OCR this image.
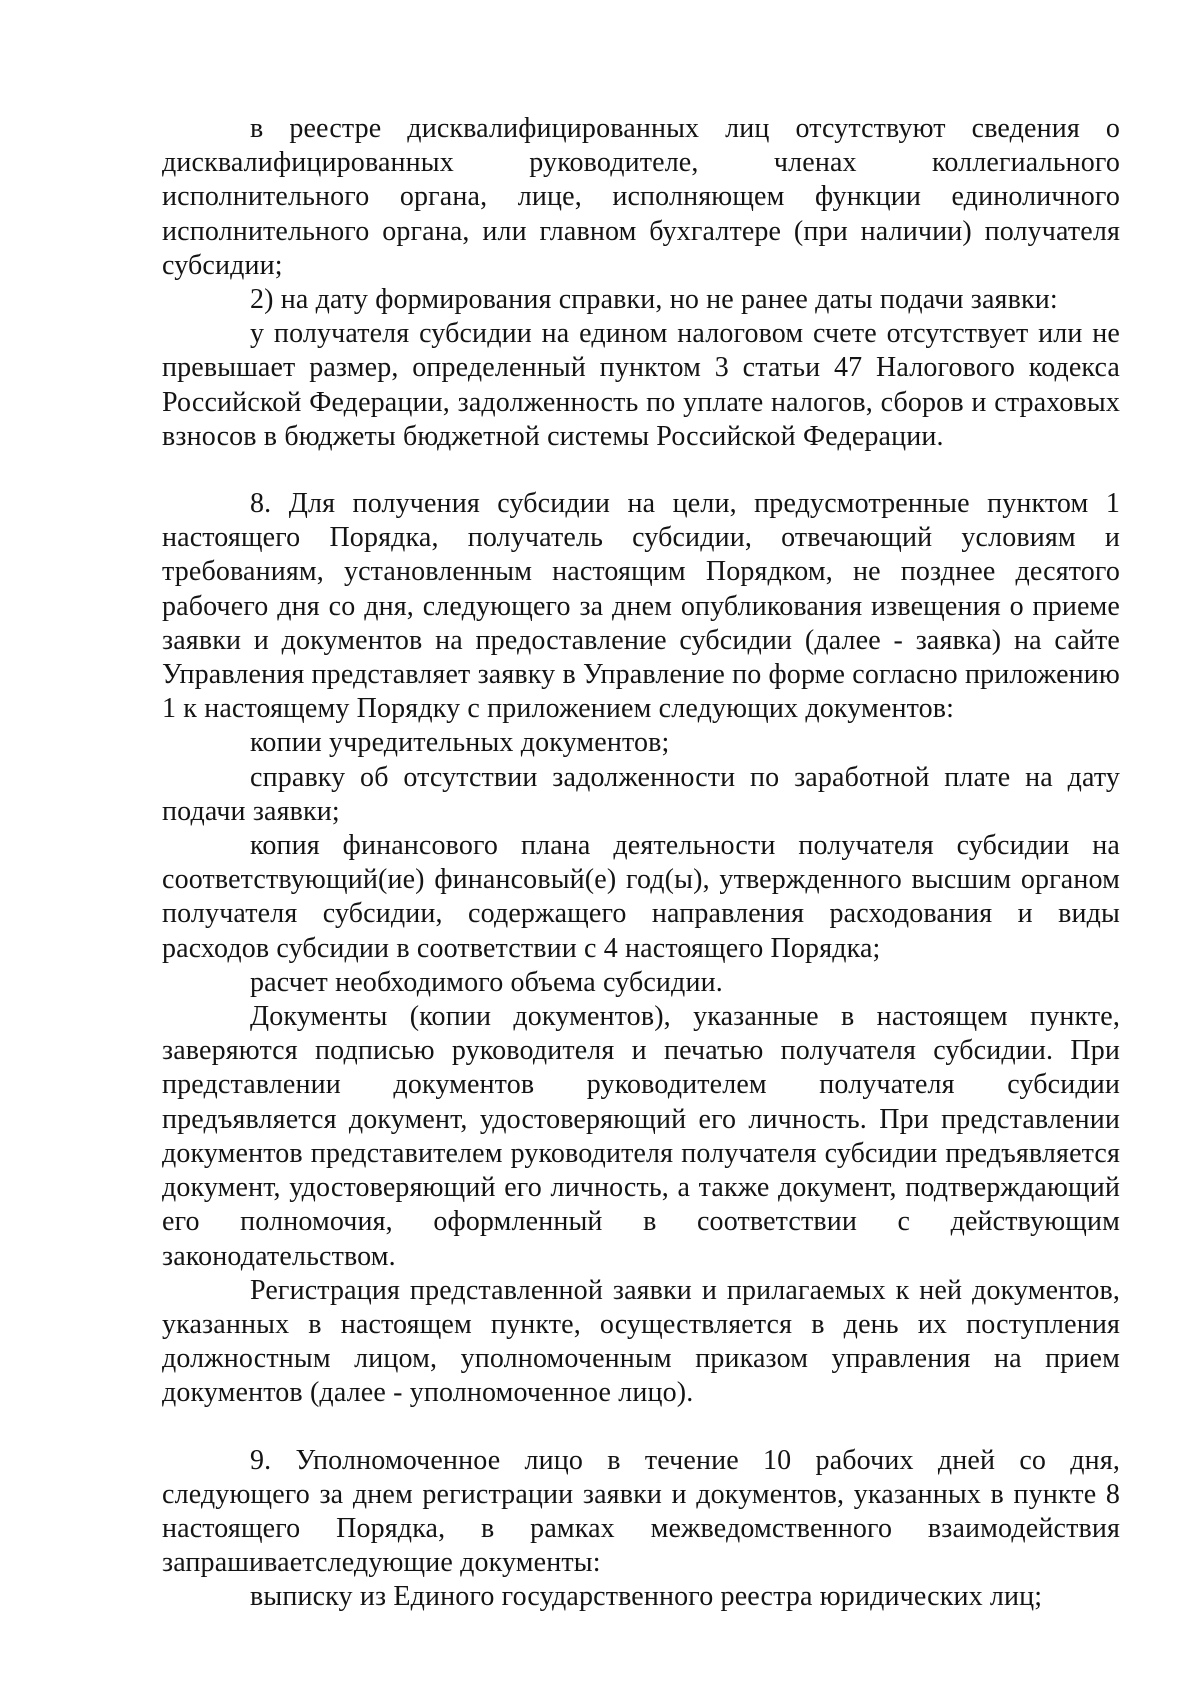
в реестре дисквалифицированных лиц отсутствуют сведения о дисквалифицированных руководителе, членах коллегиального исполнительного органа, лице, исполняющем функции единоличного исполнительного органа, или главном бухгалтере (при наличии) получателя субсидии;

2) на дату формирования справки, но не ранее даты подачи заявки:

у получателя субсидии на едином налоговом счете отсутствует или не превышает размер, определенный пунктом 3 статьи 47 Налогового кодекса Российской Федерации, задолженность по уплате налогов, сборов и страховых взносов в бюджеты бюджетной системы Российской Федерации.

8. Для получения субсидии на цели, предусмотренные пунктом 1 настоящего Порядка, получатель субсидии, отвечающий условиям и требованиям, установленным настоящим Порядком, не позднее десятого рабочего дня со дня, следующего за днем опубликования извещения о приеме заявки и документов на предоставление субсидии (далее - заявка) на сайте Управления представляет заявку в Управление по форме согласно приложению 1 к настоящему Порядку с приложением следующих документов:

копии учредительных документов;

справку об отсутствии задолженности по заработной плате на дату подачи заявки;

копия финансового плана деятельности получателя субсидии на соответствующий(ие) финансовый(е) год(ы), утвержденного высшим органом получателя субсидии, содержащего направления расходования и виды расходов субсидии в соответствии с 4 настоящего Порядка;

расчет необходимого объема субсидии.

Документы (копии документов), указанные в настоящем пункте, заверяются подписью руководителя и печатью получателя субсидии. При представлении документов руководителем получателя субсидии предъявляется документ, удостоверяющий его личность. При представлении документов представителем руководителя получателя субсидии предъявляется документ, удостоверяющий его личность, а также документ, подтверждающий его полномочия, оформленный в соответствии с действующим законодательством.

Регистрация представленной заявки и прилагаемых к ней документов, указанных в настоящем пункте, осуществляется в день их поступления должностным лицом, уполномоченным приказом управления на прием документов (далее - уполномоченное лицо).

9. Уполномоченное лицо в течение 10 рабочих дней со дня, следующего за днем регистрации заявки и документов, указанных в пункте 8 настоящего Порядка, в рамках межведомственного взаимодействия запрашиваетследующие документы:

выписку из Единого государственного реестра юридических лиц;
